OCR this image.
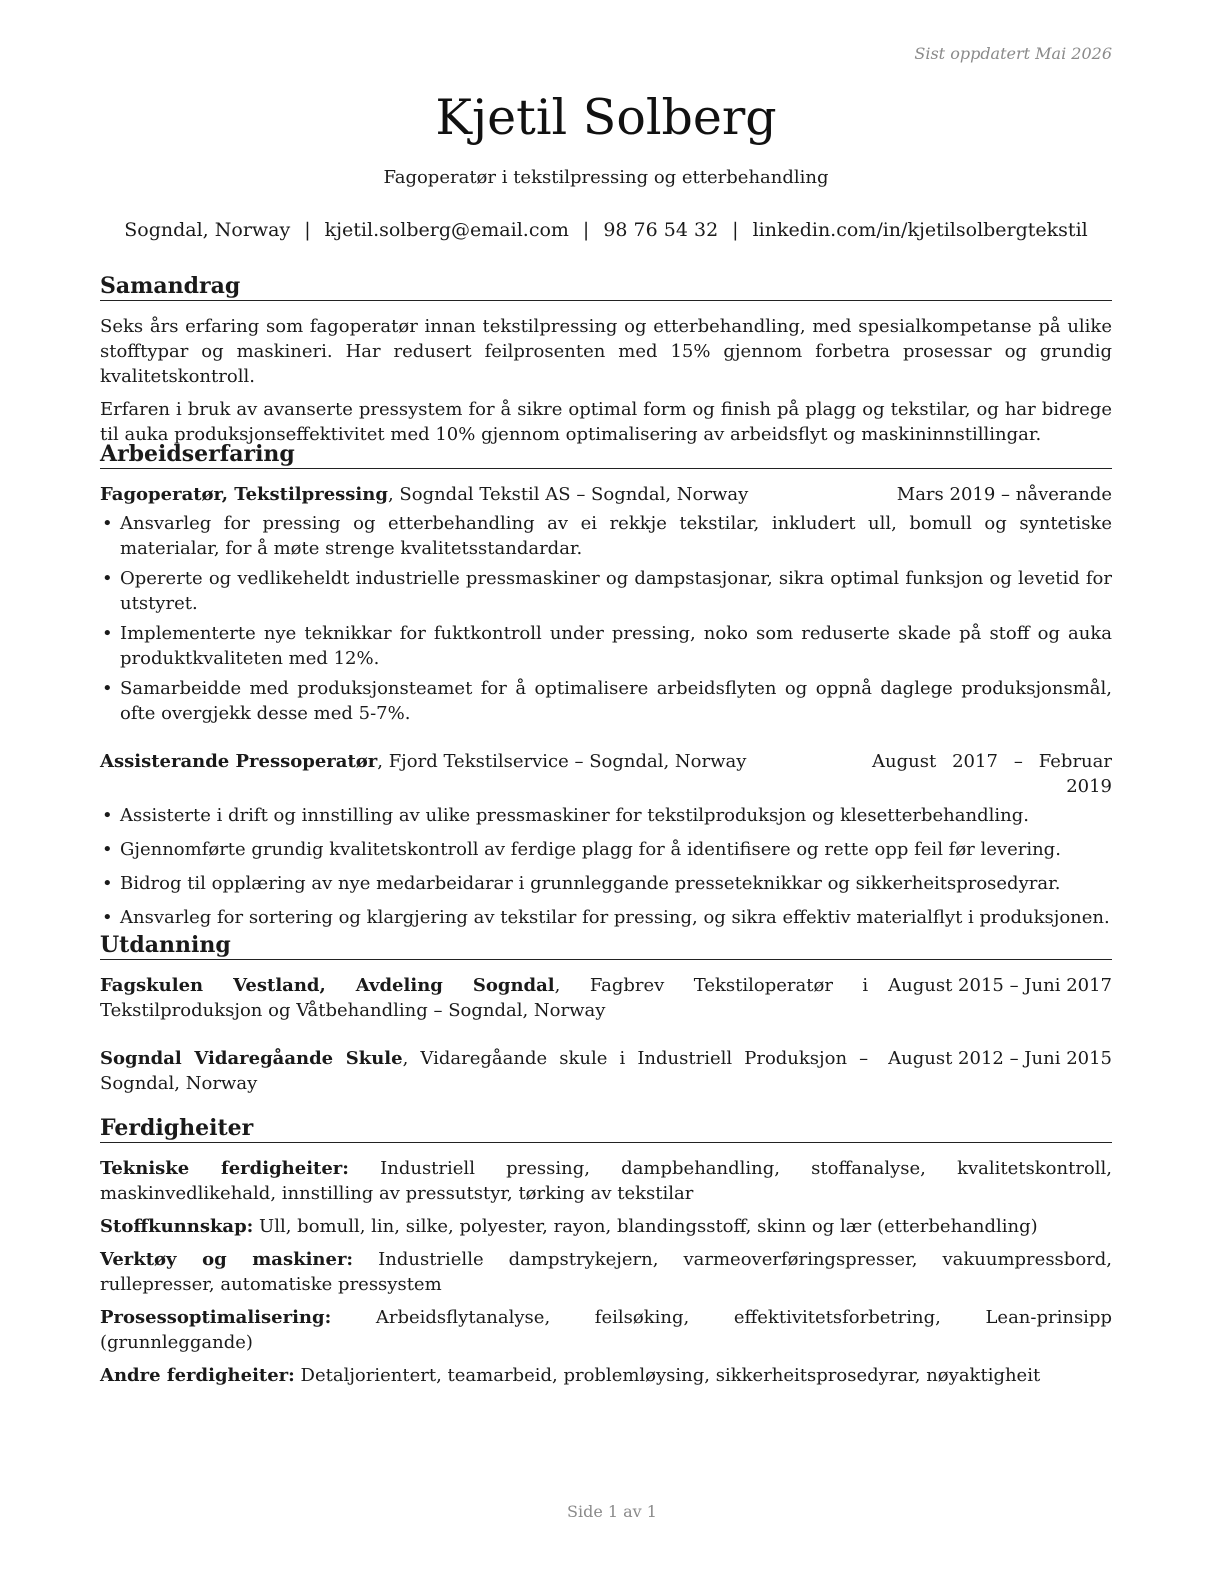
Sist oppdatert Mai 2026
Kjetil Solberg
Fagoperatør i tekstilpressing og etterbehandling
Sogndal, Norway | kjetil.solberg@email.com | 98 76 54 32 | linkedin.com/in/kjetilsolbergtekstil
Samandrag

Seks års erfaring som fagoperatør innan tekstilpressing og etterbehandling, med spesialkompetanse på ulike stofftypar og maskineri. Har redusert feilprosenten med 15% gjennom forbetra prosessar og grundig kvalitetskontroll.

Erfaren i bruk av avanserte pressystem for å sikre optimal form og finish på plagg og tekstilar, og har bidrege til auka produksjonseffektivitet med 10% gjennom optimalisering av arbeidsflyt og maskininnstillingar.

Arbeidserfaring
Fagoperatør, Tekstilpressing, Sogndal Tekstil AS – Sogndal, Norway	Mars 2019 – nåverande
• Ansvarleg for pressing og etterbehandling av ei rekkje tekstilar, inkludert ull, bomull og syntetiske materialar, for å møte strenge kvalitetsstandardar.
• Opererte og vedlikeheldt industrielle pressmaskiner og dampstasjonar, sikra optimal funksjon og levetid for utstyret.
• Implementerte nye teknikkar for fuktkontroll under pressing, noko som reduserte skade på stoff og auka produktkvaliteten med 12%.
• Samarbeidde med produksjonsteamet for å optimalisere arbeidsflyten og oppnå daglege produksjonsmål, ofte overgjekk desse med 5-7%.
Assisterande Pressoperatør, Fjord Tekstilservice – Sogndal, Norway	August 2017 – Februar 2019
• Assisterte i drift og innstilling av ulike pressmaskiner for tekstilproduksjon og klesetterbehandling.
• Gjennomførte grundig kvalitetskontroll av ferdige plagg for å identifisere og rette opp feil før levering.
• Bidrog til opplæring av nye medarbeidarar i grunnleggande presseteknikkar og sikkerheitsprosedyrar.
• Ansvarleg for sortering og klargjering av tekstilar for pressing, og sikra effektiv materialflyt i produksjonen.
Utdanning
Fagskulen Vestland, Avdeling Sogndal, Fagbrev Tekstiloperatør i Tekstilproduksjon og Våtbehandling – Sogndal, Norway
August 2015 – Juni 2017
Sogndal Vidaregåande Skule, Vidaregåande skule i Industriell Produksjon – Sogndal, Norway
August 2012 – Juni 2015
Ferdigheiter
Tekniske ferdigheiter: Industriell pressing, dampbehandling, stoffanalyse, kvalitetskontroll, maskinvedlikehald, innstilling av pressutstyr, tørking av tekstilar
Stoffkunnskap: Ull, bomull, lin, silke, polyester, rayon, blandingsstoff, skinn og lær (etterbehandling)
Verktøy og maskiner: Industrielle dampstrykejern, varmeoverføringspresser, vakuumpressbord, rullepresser, automatiske pressystem
Prosessoptimalisering: Arbeidsflytanalyse, feilsøking, effektivitetsforbetring, Lean-prinsipp (grunnleggande)
Andre ferdigheiter: Detaljorientert, teamarbeid, problemløysing, sikkerheitsprosedyrar, nøyaktigheit
Side 1 av 1
